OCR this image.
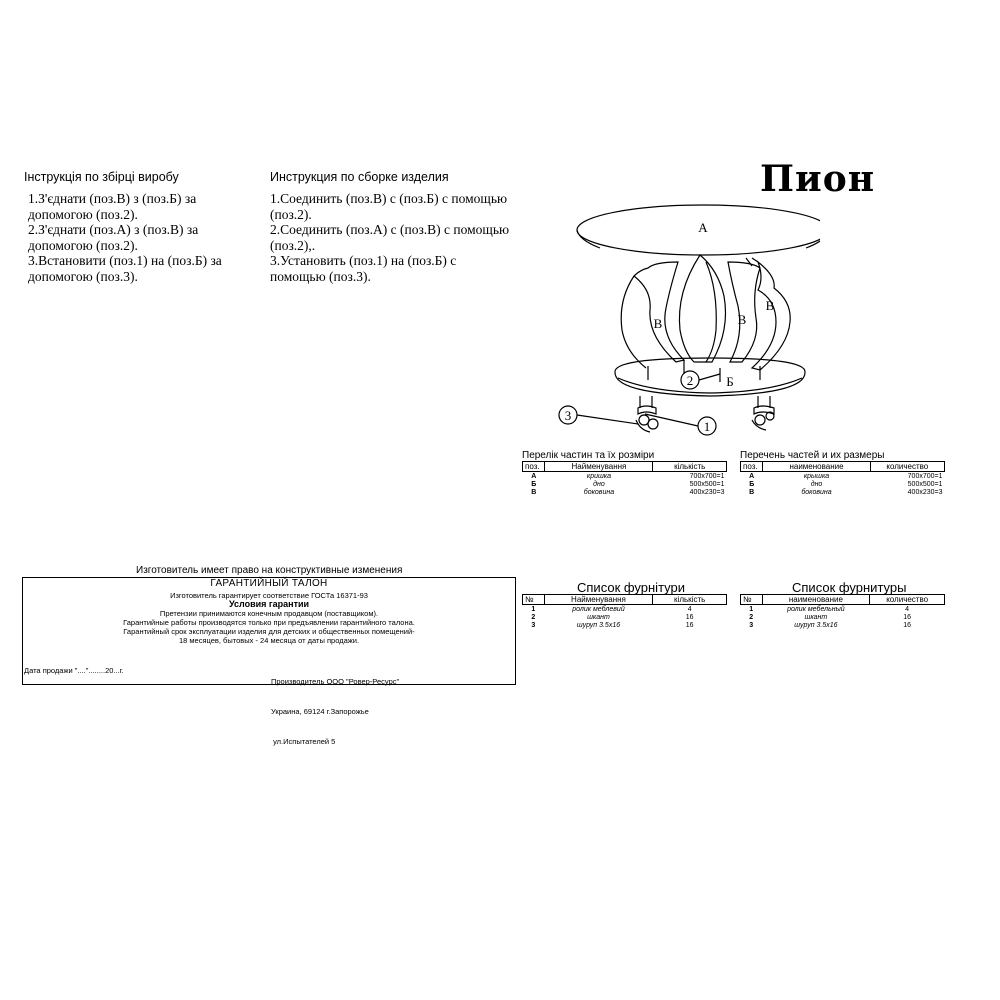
Інструкція по збірці виробу
1.З'єднати (поз.В) з (поз.Б) за
допомогою (поз.2).
2.З'єднати (поз.А) з (поз.В) за
допомогою (поз.2).
3.Встановити (поз.1) на (поз.Б) за
допомогою (поз.3).
Инструкция по сборке изделия
1.Соединить (поз.В) с (поз.Б) с помощью
(поз.2).
2.Соединить (поз.А) с (поз.В) с помощью
(поз.2),.
3.Установить (поз.1) на (поз.Б) с
помощью (поз.3).
Пион
А
В	В
В
Б
2
3
1
Перелік частин та їх розміри
поз.	Найменування	кількість
А	кришка	700х700=1
Б	дно	500х500=1
В	боковина	400х230=3
Перечень частей и их размеры
поз.	наименование	количество
А	крышка	700х700=1
Б	дно	500х500=1
В	боковина	400х230=3
Список фурнітури
№	Найменування	кількість
1	ролик меблевий	4
2	шкант	16
3	шуруп 3.5х16	16
Список фурнитуры
№	наименование	количество
1	ролик мебельный	4
2	шкант	16
3	шуруп 3.5х16	16
Изготовитель имеет право на конструктивные изменения
ГАРАНТИЙНЫЙ ТАЛОН
Изготовитель гарантирует соответствие ГОСТа 16371-93
Условия гарантии
Претензии принимаются конечным продавцом (поставщиком).
Гарантийные работы производятся только при предъявлении гарантийного талона.
Гарантийный срок эксплуатации изделия для детских и общественных помещений-
18 месяцев, бытовых - 24 месяца от даты продажи.
Дата продажи "...."........20...г.

Производитель ООО "Ровер-Ресурс"

Украина, 69124 г.Запорожье

ул.Испытателей 5
